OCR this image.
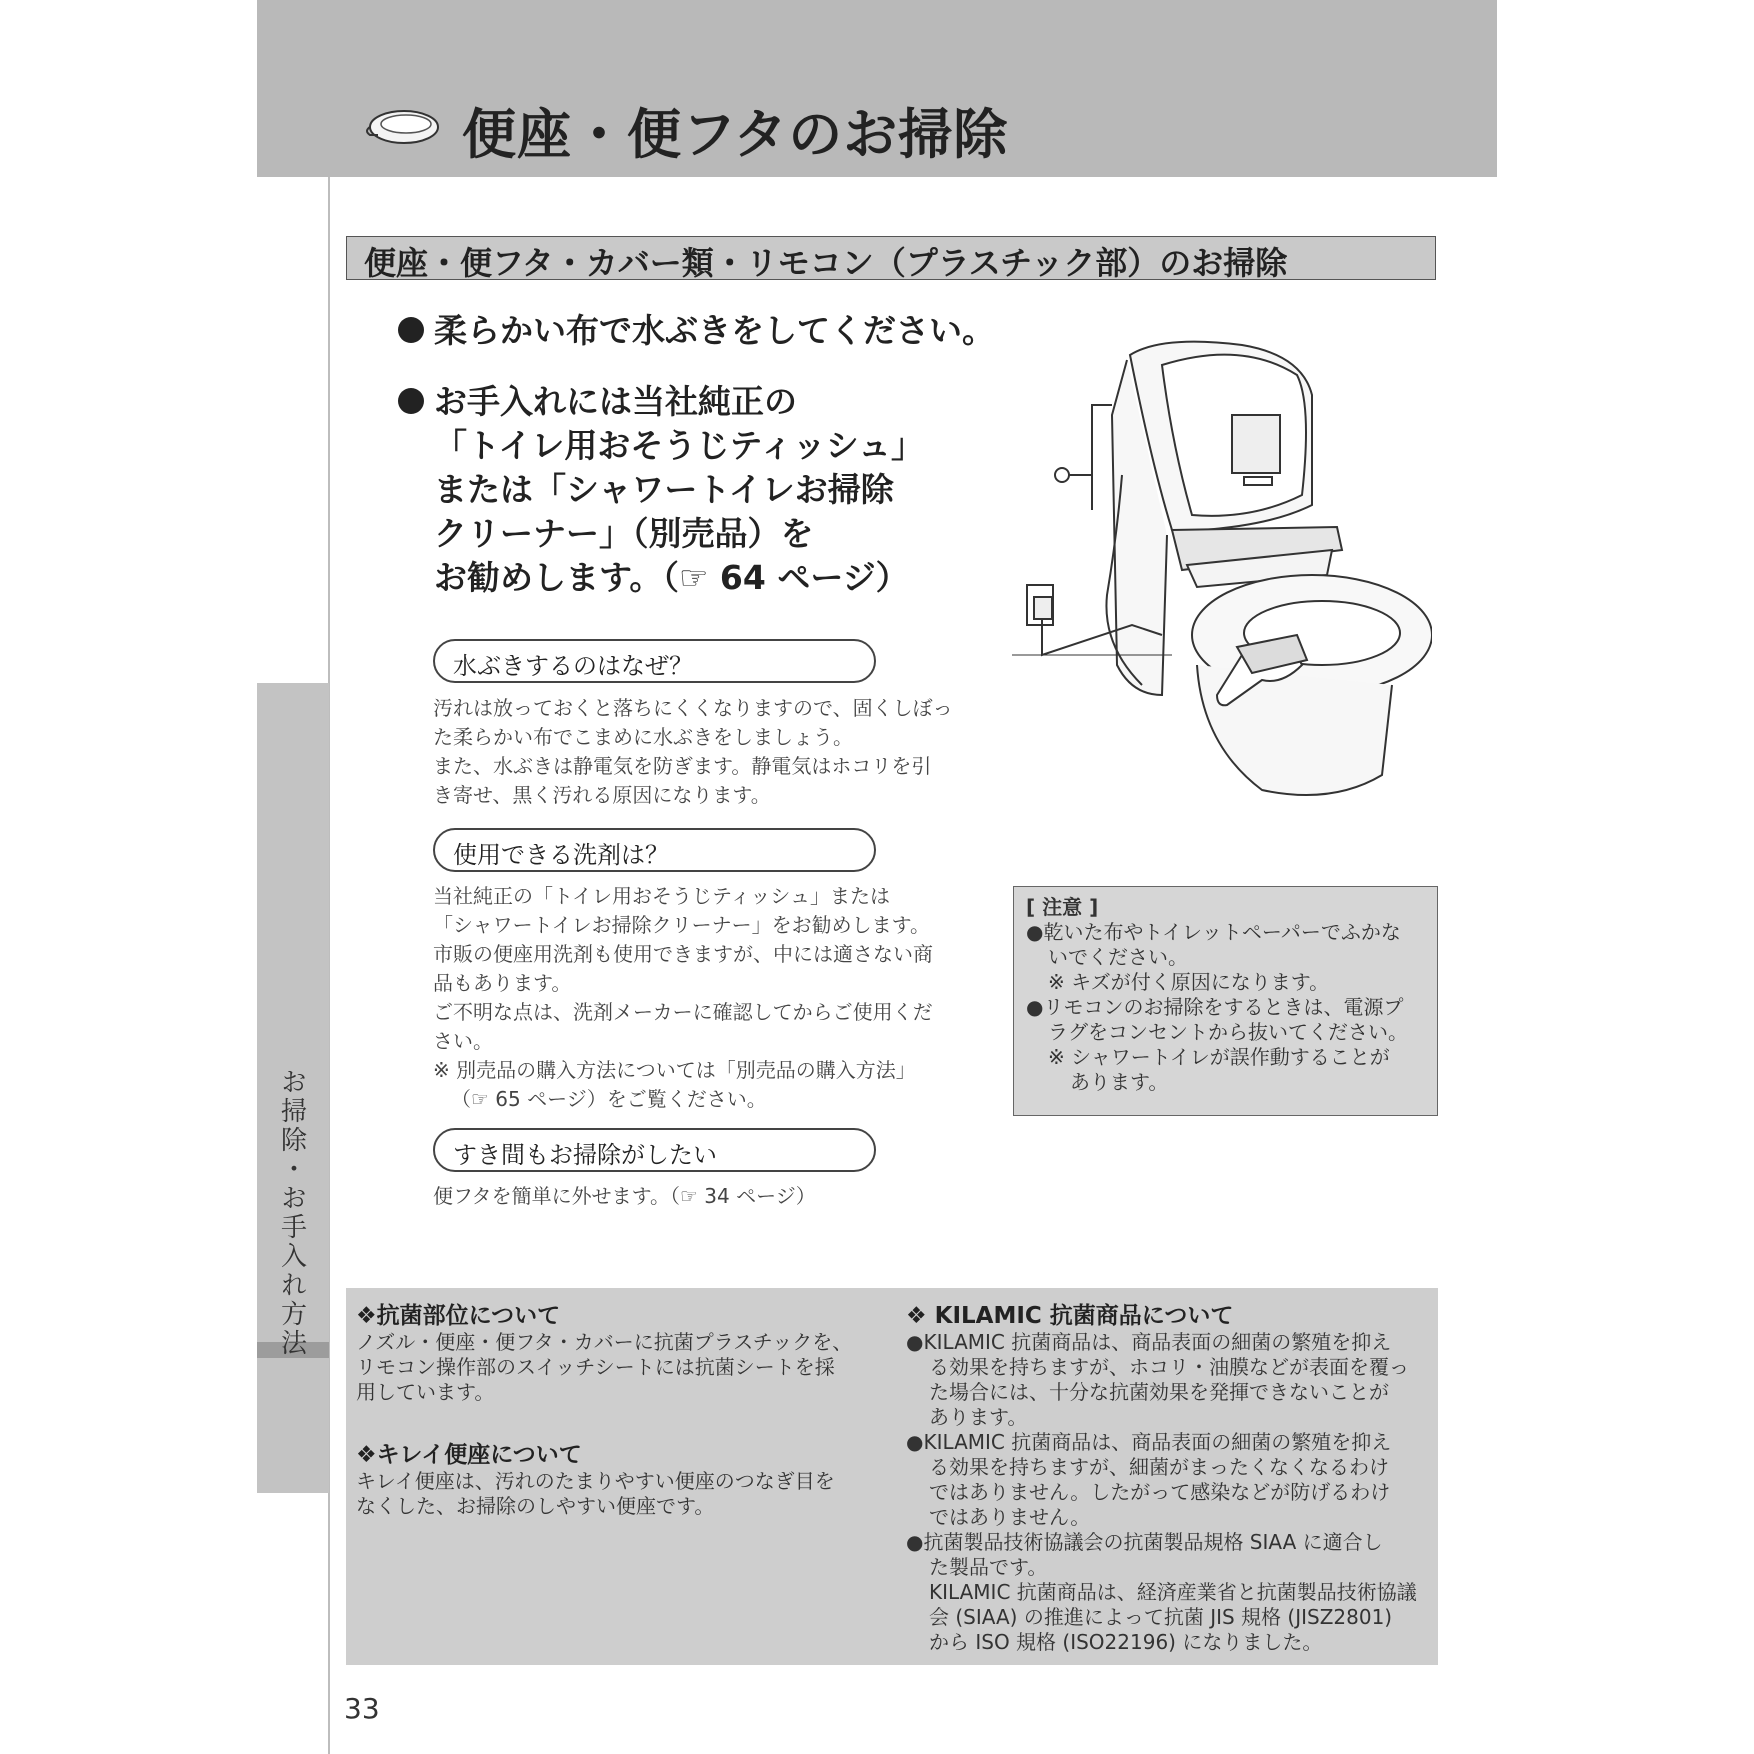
便座・便フタのお掃除
お掃除・お手入れ方法
便座・便フタ・カバー類・リモコン（プラスチック部）のお掃除
柔らかい布で水ぶきをしてください。
お手入れには当社純正の
「トイレ用おそうじティッシュ」
または「シャワートイレお掃除
クリーナー」（別売品）を
お勧めします。（☞ 64 ページ）
水ぶきするのはなぜ？
汚れは放っておくと落ちにくくなりますので、固くしぼっ
た柔らかい布でこまめに水ぶきをしましょう。
また、水ぶきは静電気を防ぎます。静電気はホコリを引
き寄せ、黒く汚れる原因になります。
使用できる洗剤は？
当社純正の「トイレ用おそうじティッシュ」または
「シャワートイレお掃除クリーナー」をお勧めします。
市販の便座用洗剤も使用できますが、中には適さない商
品もあります。
ご不明な点は、洗剤メーカーに確認してからご使用くだ
さい。
※ 別売品の購入方法については「別売品の購入方法」
（☞ 65 ページ）をご覧ください。
すき間もお掃除がしたい
便フタを簡単に外せます。（☞ 34 ページ）
[ 注意 ]
●乾いた布やトイレットペーパーでふかな
いでください。
※ キズが付く原因になります。
●リモコンのお掃除をするときは、電源プ
ラグをコンセントから抜いてください。
※ シャワートイレが誤作動することが
あります。
❖抗菌部位について
ノズル・便座・便フタ・カバーに抗菌プラスチックを、
リモコン操作部のスイッチシートには抗菌シートを採
用しています。
❖キレイ便座について
キレイ便座は、汚れのたまりやすい便座のつなぎ目を
なくした、お掃除のしやすい便座です。
❖ KILAMIC 抗菌商品について
●KILAMIC 抗菌商品は、商品表面の細菌の繁殖を抑え
る効果を持ちますが、ホコリ・油膜などが表面を覆っ
た場合には、十分な抗菌効果を発揮できないことが
あります。
●KILAMIC 抗菌商品は、商品表面の細菌の繁殖を抑え
る効果を持ちますが、細菌がまったくなくなるわけ
ではありません。したがって感染などが防げるわけ
ではありません。
●抗菌製品技術協議会の抗菌製品規格 SIAA に適合し
た製品です。
KILAMIC 抗菌商品は、経済産業省と抗菌製品技術協議
会 (SIAA) の推進によって抗菌 JIS 規格 (JISZ2801)
から ISO 規格 (ISO22196) になりました。
33
